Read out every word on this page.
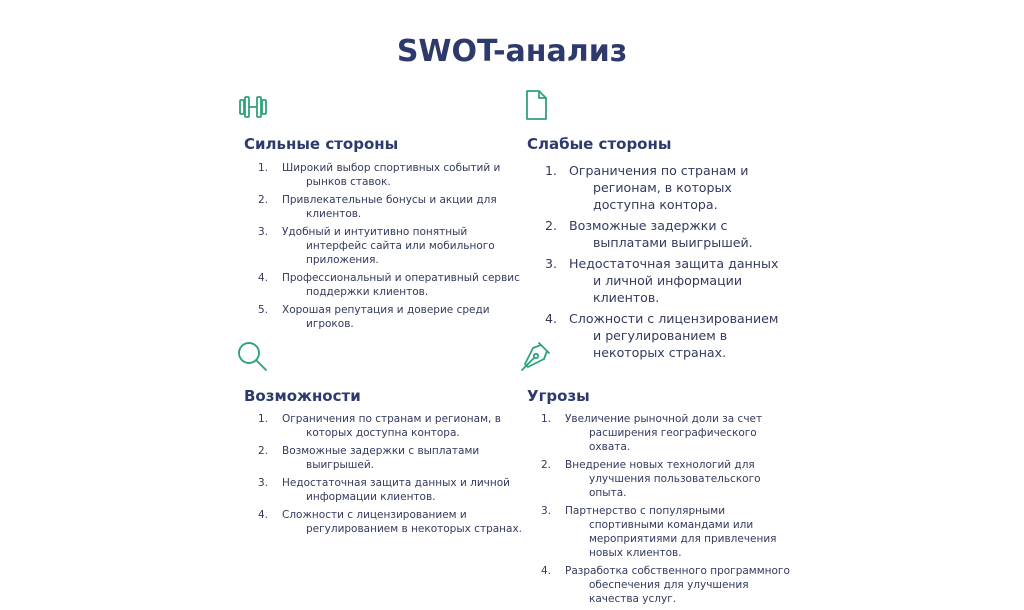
SWOT-анализ
Сильные стороны
1. Широкий выбор спортивных событий и рынков ставок.
2. Привлекательные бонусы и акции для клиентов.
3. Удобный и интуитивно понятный интерфейс сайта или мобильного приложения.
4. Профессиональный и оперативный сервис поддержки клиентов.
5. Хорошая репутация и доверие среди игроков.
Слабые стороны
1. Ограничения по странам и регионам, в которых доступна контора.
2. Возможные задержки с выплатами выигрышей.
3. Недостаточная защита данных и личной информации клиентов.
4. Сложности с лицензированием и регулированием в некоторых странах.
Возможности
1. Ограничения по странам и регионам, в которых доступна контора.
2. Возможные задержки с выплатами выигрышей.
3. Недостаточная защита данных и личной информации клиентов.
4. Сложности с лицензированием и регулированием в некоторых странах.
Угрозы
1. Увеличение рыночной доли за счет расширения географического охвата.
2. Внедрение новых технологий для улучшения пользовательского опыта.
3. Партнерство с популярными спортивными командами или мероприятиями для привлечения новых клиентов.
4. Разработка собственного программного обеспечения для улучшения качества услуг.
